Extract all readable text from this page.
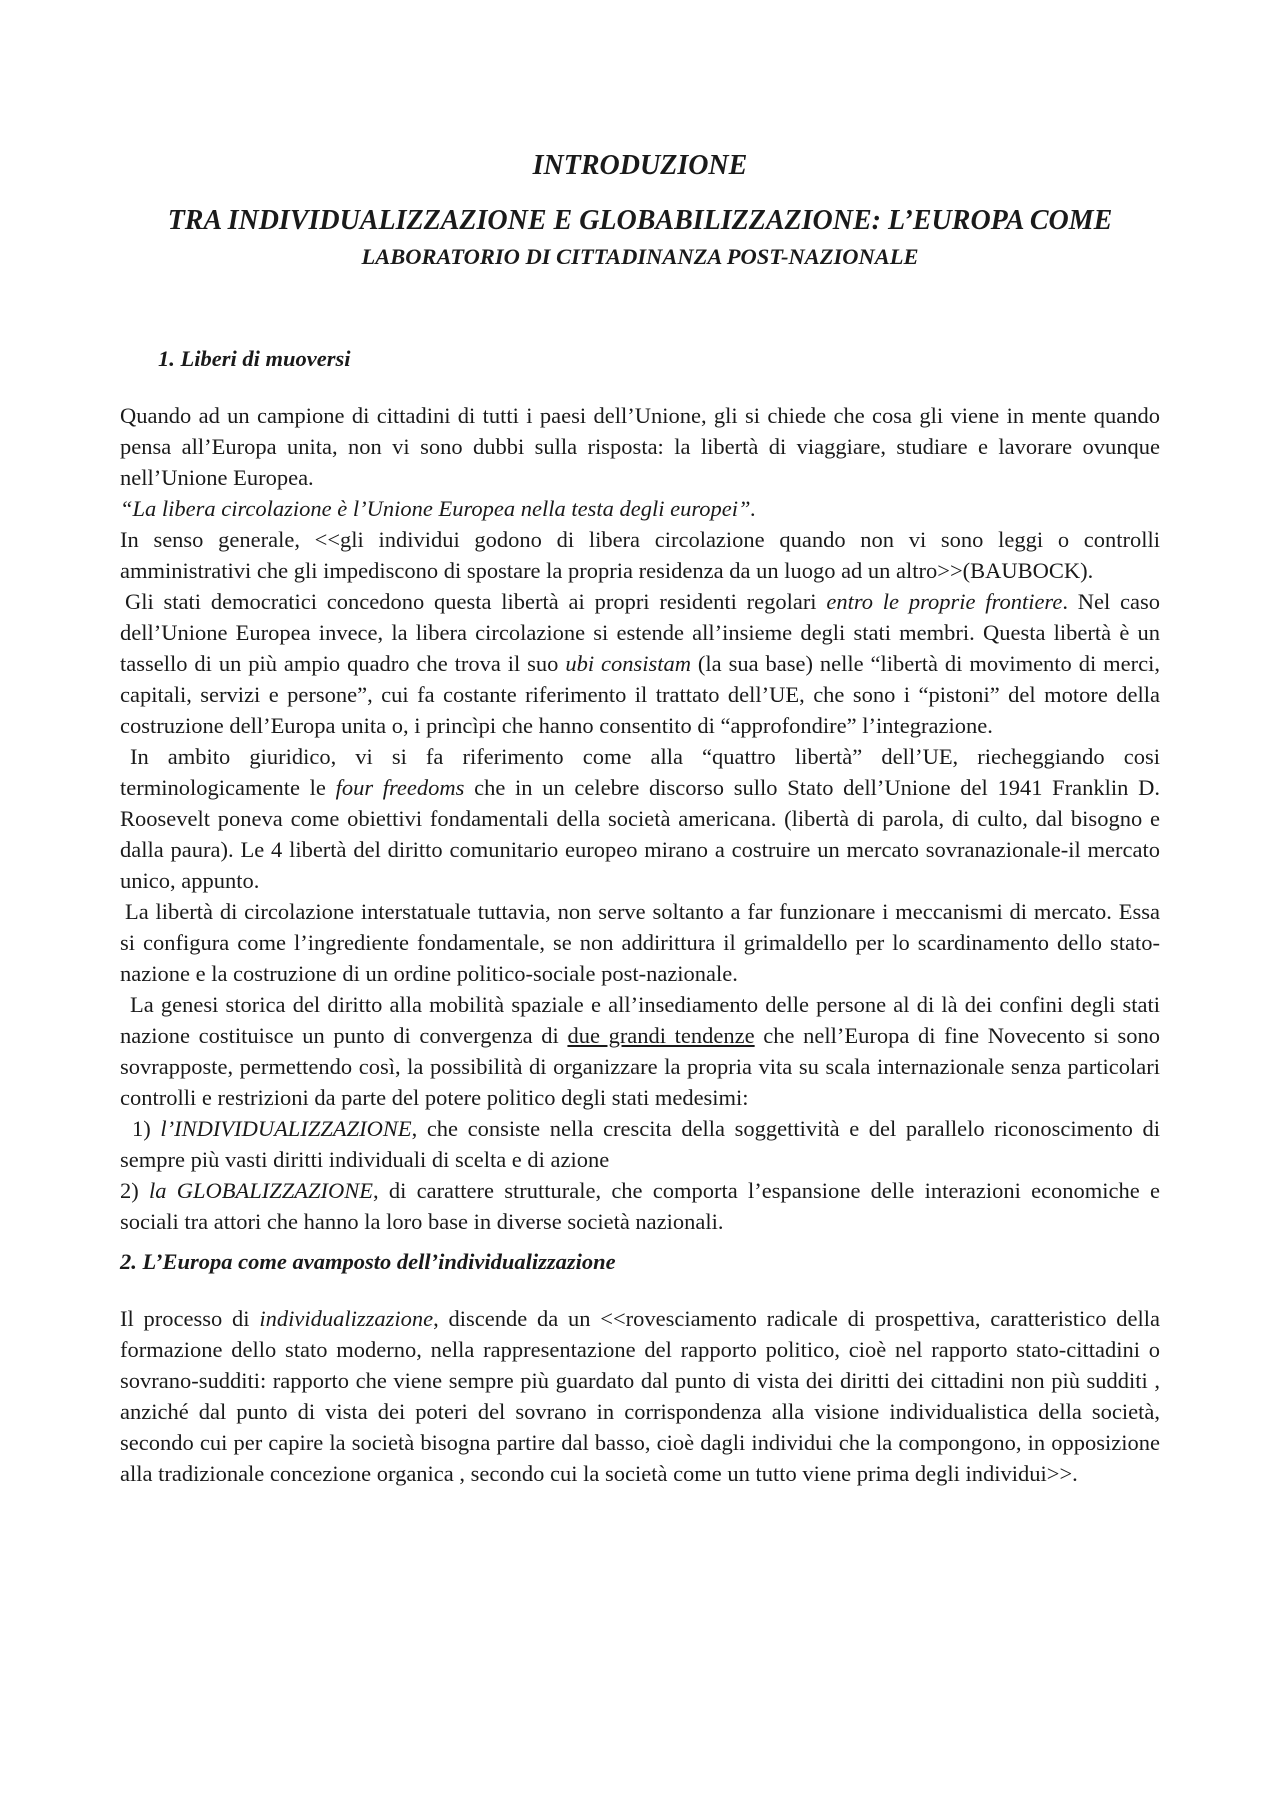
INTRODUZIONE
TRA INDIVIDUALIZZAZIONE E GLOBABILIZZAZIONE: L’EUROPA COME
LABORATORIO DI CITTADINANZA POST-NAZIONALE

1. Liberi di muoversi

Quando ad un campione di cittadini di tutti i paesi dell’Unione, gli si chiede che cosa gli viene in mente quando pensa all’Europa unita, non vi sono dubbi sulla risposta: la libertà di viaggiare, studiare e lavorare ovunque nell’Unione Europea.

“La libera circolazione è l’Unione Europea nella testa degli europei”.

In senso generale, <<gli individui godono di libera circolazione quando non vi sono leggi o controlli amministrativi che gli impediscono di spostare la propria residenza da un luogo ad un altro>>(BAUBOCK).

Gli stati democratici concedono questa libertà ai propri residenti regolari entro le proprie frontiere. Nel caso dell’Unione Europea invece, la libera circolazione si estende all’insieme degli stati membri. Questa libertà è un tassello di un più ampio quadro che trova il suo ubi consistam (la sua base) nelle “libertà di movimento di merci, capitali, servizi e persone”, cui fa costante riferimento il trattato dell’UE, che sono i “pistoni” del motore della costruzione dell’Europa unita o, i princìpi che hanno consentito di “approfondire” l’integrazione.

In ambito giuridico, vi si fa riferimento come alla “quattro libertà” dell’UE, riecheggiando cosi terminologicamente le four freedoms che in un celebre discorso sullo Stato dell’Unione del 1941 Franklin D. Roosevelt poneva come obiettivi fondamentali della società americana. (libertà di parola, di culto, dal bisogno e dalla paura). Le 4 libertà del diritto comunitario europeo mirano a costruire un mercato sovranazionale-il mercato unico, appunto.

La libertà di circolazione interstatuale tuttavia, non serve soltanto a far funzionare i meccanismi di mercato. Essa si configura come l’ingrediente fondamentale, se non addirittura il grimaldello per lo scardinamento dello stato-nazione e la costruzione di un ordine politico-sociale post-nazionale.

La genesi storica del diritto alla mobilità spaziale e all’insediamento delle persone al di là dei confini degli stati nazione costituisce un punto di convergenza di due grandi tendenze che nell’Europa di fine Novecento si sono sovrapposte, permettendo così, la possibilità di organizzare la propria vita su scala internazionale senza particolari controlli e restrizioni da parte del potere politico degli stati medesimi:

1) l’INDIVIDUALIZZAZIONE, che consiste nella crescita della soggettività e del parallelo riconoscimento di sempre più vasti diritti individuali di scelta e di azione

2) la GLOBALIZZAZIONE, di carattere strutturale, che comporta l’espansione delle interazioni economiche e sociali tra attori che hanno la loro base in diverse società nazionali.

2. L’Europa come avamposto dell’individualizzazione

Il processo di individualizzazione, discende da un <<rovesciamento radicale di prospettiva, caratteristico della formazione dello stato moderno, nella rappresentazione del rapporto politico, cioè nel rapporto stato-cittadini o sovrano-sudditi: rapporto che viene sempre più guardato dal punto di vista dei diritti dei cittadini non più sudditi , anziché dal punto di vista dei poteri del sovrano in corrispondenza alla visione individualistica della società, secondo cui per capire la società bisogna partire dal basso, cioè dagli individui che la compongono, in opposizione alla tradizionale concezione organica , secondo cui la società come un tutto viene prima degli individui>>.
